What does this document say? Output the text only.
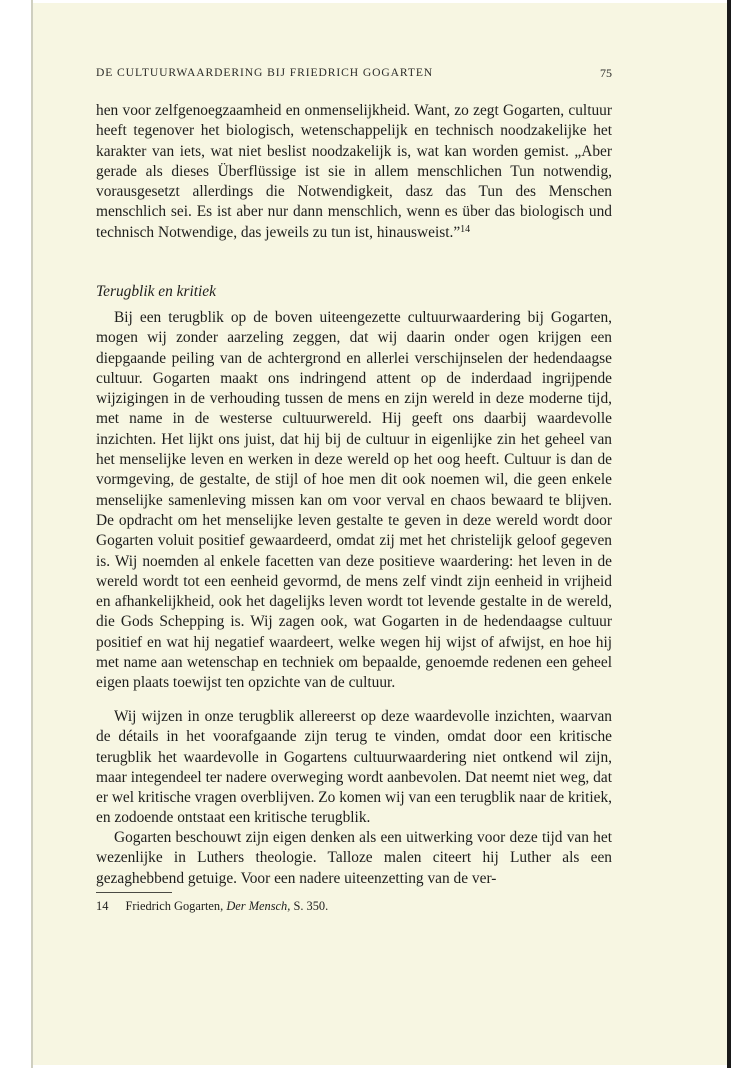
DE CULTUURWAARDERING BIJ FRIEDRICH GOGARTEN	75
hen voor zelfgenoegzaamheid en onmenselijkheid. Want, zo zegt Gogarten, cultuur heeft tegenover het biologisch, wetenschappelijk en technisch noodzakelijke het karakter van iets, wat niet beslist noodzakelijk is, wat kan worden gemist. „Aber gerade als dieses Überflüssige ist sie in allem menschlichen Tun notwendig, vorausgesetzt allerdings die Notwendigkeit, dasz das Tun des Menschen menschlich sei. Es ist aber nur dann menschlich, wenn es über das biologisch und technisch Notwendige, das jeweils zu tun ist, hinausweist.”$^{14}$
Terugblik en kritiek
Bij een terugblik op de boven uiteengezette cultuurwaardering bij Gogarten, mogen wij zonder aarzeling zeggen, dat wij daarin onder ogen krijgen een diepgaande peiling van de achtergrond en allerlei verschijnselen der hedendaagse cultuur. Gogarten maakt ons indringend attent op de inderdaad ingrijpende wijzigingen in de verhouding tussen de mens en zijn wereld in deze moderne tijd, met name in de westerse cultuurwereld. Hij geeft ons daarbij waardevolle inzichten. Het lijkt ons juist, dat hij bij de cultuur in eigenlijke zin het geheel van het menselijke leven en werken in deze wereld op het oog heeft. Cultuur is dan de vormgeving, de gestalte, de stijl of hoe men dit ook noemen wil, die geen enkele menselijke samenleving missen kan om voor verval en chaos bewaard te blijven. De opdracht om het menselijke leven gestalte te geven in deze wereld wordt door Gogarten voluit positief gewaardeerd, omdat zij met het christelijk geloof gegeven is. Wij noemden al enkele facetten van deze positieve waardering: het leven in de wereld wordt tot een eenheid gevormd, de mens zelf vindt zijn eenheid in vrijheid en afhankelijkheid, ook het dagelijks leven wordt tot levende gestalte in de wereld, die Gods Schepping is. Wij zagen ook, wat Gogarten in de hedendaagse cultuur positief en wat hij negatief waardeert, welke wegen hij wijst of afwijst, en hoe hij met name aan wetenschap en techniek om bepaalde, genoemde redenen een geheel eigen plaats toewijst ten opzichte van de cultuur.
Wij wijzen in onze terugblik allereerst op deze waardevolle inzichten, waarvan de détails in het voorafgaande zijn terug te vinden, omdat door een kritische terugblik het waardevolle in Gogartens cultuurwaardering niet ontkend wil zijn, maar integendeel ter nadere overweging wordt aanbevolen. Dat neemt niet weg, dat er wel kritische vragen overblijven. Zo komen wij van een terugblik naar de kritiek, en zodoende ontstaat een kritische terugblik.
Gogarten beschouwt zijn eigen denken als een uitwerking voor deze tijd van het wezenlijke in Luthers theologie. Talloze malen citeert hij Luther als een gezaghebbend getuige. Voor een nadere uiteenzetting van de ver-
14 Friedrich Gogarten, Der Mensch, S. 350.
